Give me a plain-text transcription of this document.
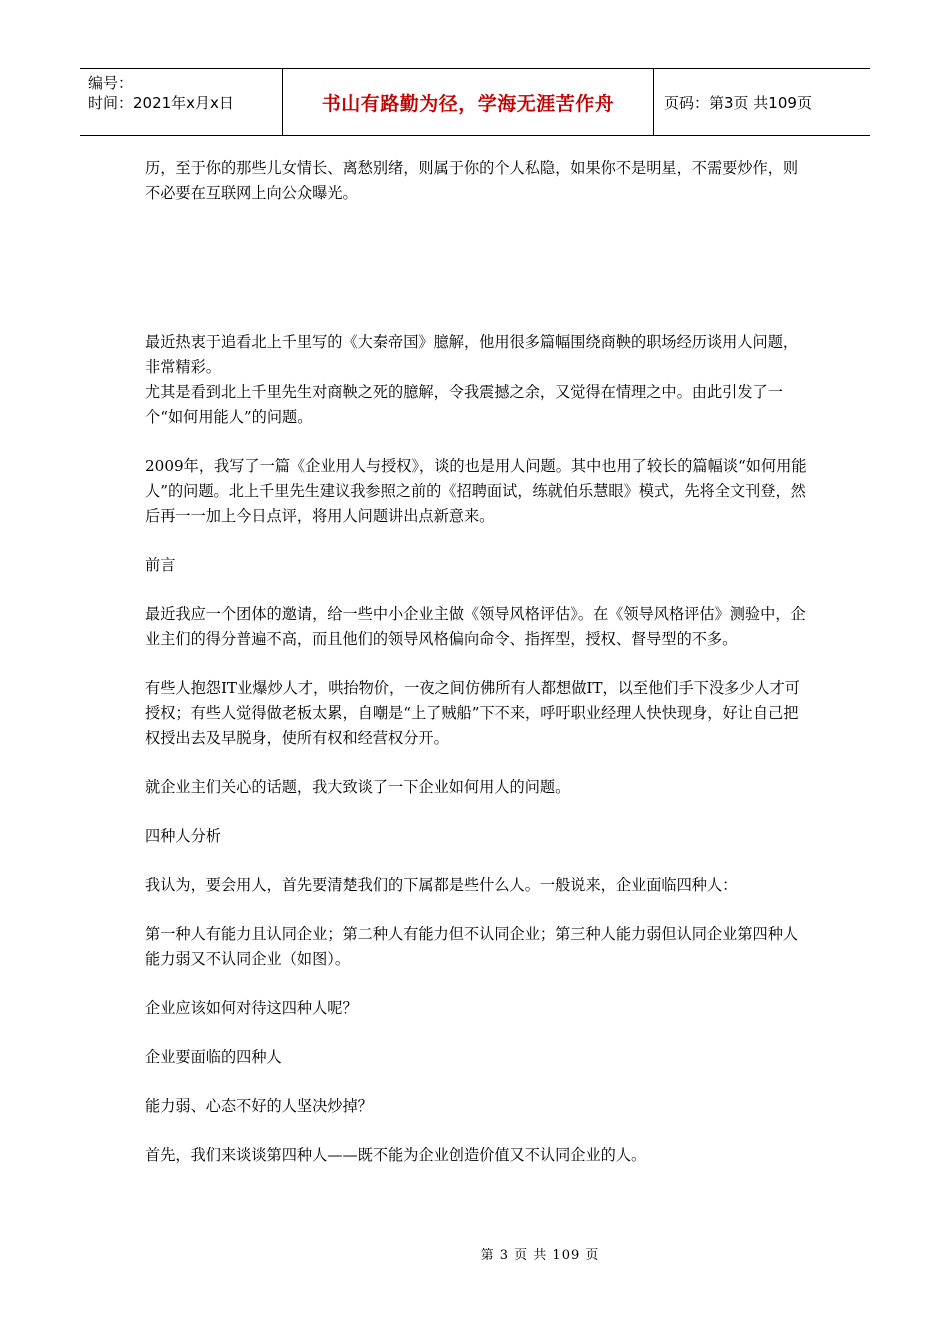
编号：
时间：2021年x月x日	书山有路勤为径，学海无涯苦作舟	页码：第3页 共109页

历，至于你的那些儿女情长、离愁别绪，则属于你的个人私隐，如果你不是明星，不需要炒作，则不必要在互联网上向公众曝光。

最近热衷于追看北上千里写的《大秦帝国》臆解，他用很多篇幅围绕商鞅的职场经历谈用人问题，非常精彩。

尤其是看到北上千里先生对商鞅之死的臆解，令我震撼之余，又觉得在情理之中。由此引发了一个“如何用能人”的问题。

2009年，我写了一篇《企业用人与授权》，谈的也是用人问题。其中也用了较长的篇幅谈“如何用能人”的问题。北上千里先生建议我参照之前的《招聘面试，练就伯乐慧眼》模式，先将全文刊登，然后再一一加上今日点评，将用人问题讲出点新意来。

前言

最近我应一个团体的邀请，给一些中小企业主做《领导风格评估》。在《领导风格评估》测验中，企业主们的得分普遍不高，而且他们的领导风格偏向命令、指挥型，授权、督导型的不多。

有些人抱怨IT业爆炒人才，哄抬物价，一夜之间仿佛所有人都想做IT，以至他们手下没多少人才可授权；有些人觉得做老板太累，自嘲是“上了贼船”下不来，呼吁职业经理人快快现身，好让自己把权授出去及早脱身，使所有权和经营权分开。

就企业主们关心的话题，我大致谈了一下企业如何用人的问题。

四种人分析

我认为，要会用人，首先要清楚我们的下属都是些什么人。一般说来，企业面临四种人：

第一种人有能力且认同企业；第二种人有能力但不认同企业；第三种人能力弱但认同企业第四种人能力弱又不认同企业（如图）。

企业应该如何对待这四种人呢？

企业要面临的四种人

能力弱、心态不好的人坚决炒掉？

首先，我们来谈谈第四种人——既不能为企业创造价值又不认同企业的人。

第 3 页 共 109 页
